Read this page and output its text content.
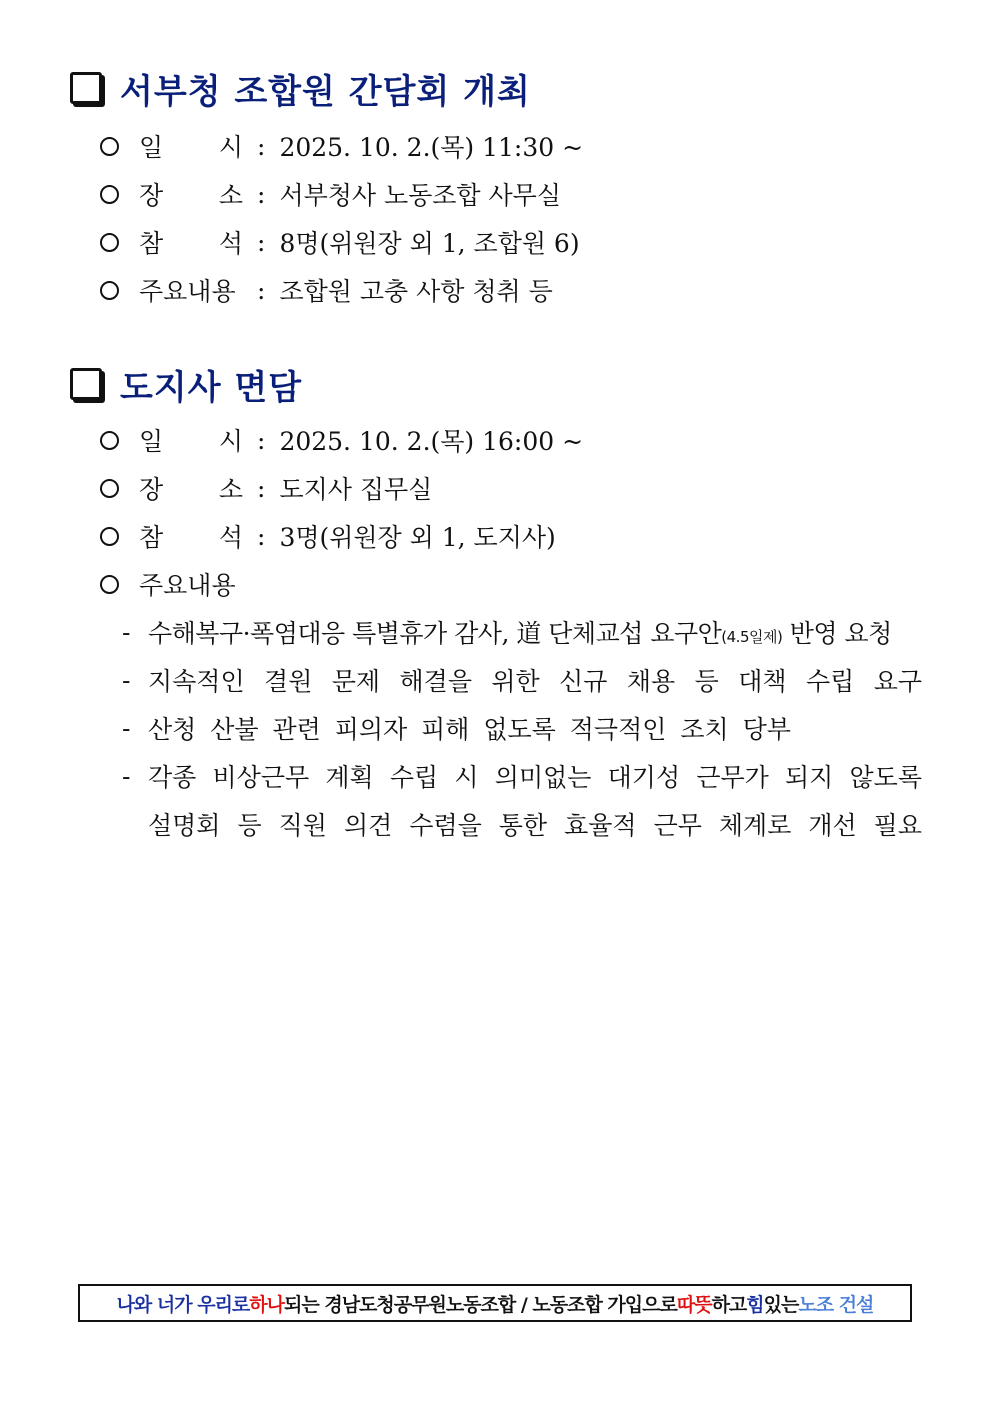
서부청 조합원 간담회 개최
일 시 : 2025. 10. 2.(목) 11:30 ~
장 소 : 서부청사 노동조합 사무실
참 석 : 8명(위원장 외 1, 조합원 6)
주요내용 : 조합원 고충 사항 청취 등
도지사 면담
일 시 : 2025. 10. 2.(목) 16:00 ~
장 소 : 도지사 집무실
참 석 : 3명(위원장 외 1, 도지사)
주요내용
- 수해복구·폭염대응 특별휴가 감사, 道 단체교섭 요구안(4.5일제) 반영 요청
- 지속적인 결원 문제 해결을 위한 신규 채용 등 대책 수립 요구
- 산청 산불 관련 피의자 피해 없도록 적극적인 조치 당부
- 각종 비상근무 계획 수립 시 의미없는 대기성 근무가 되지 않도록
설명회 등 직원 의견 수렴을 통한 효율적 근무 체계로 개선 필요
나와 너가 우리로 하나 되는 경남도청공무원노동조합 / 노동조합 가입으로 따뜻 하고 힘 있는 노조 건설
